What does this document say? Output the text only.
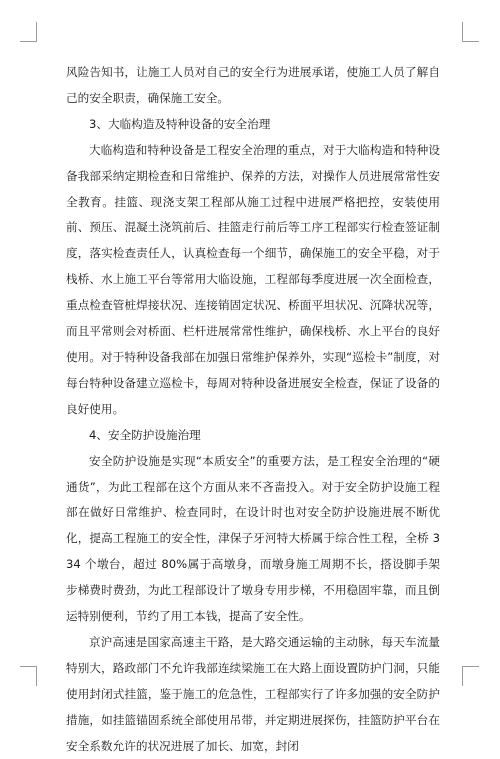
风险告知书，让施工人员对自己的安全行为进展承诺，使施工人员了解自己的安全职责，确保施工安全。

3、大临构造及特种设备的安全治理

大临构造和特种设备是工程安全治理的重点，对于大临构造和特种设备我部采纳定期检查和日常维护、保养的方法，对操作人员进展常常性安全教育。挂篮、现浇支架工程部从施工过程中进展严格把控，安装使用前、预压、混凝土浇筑前后、挂篮走行前后等工序工程部实行检查签证制度，落实检查责任人，认真检查每一个细节，确保施工的安全平稳，对于栈桥、水上施工平台等常用大临设施，工程部每季度进展一次全面检查，重点检查管桩焊接状况、连接销固定状况、桥面平坦状况、沉降状况等，而且平常则会对桥面、栏杆进展常常性维护，确保栈桥、水上平台的良好使用。对于特种设备我部在加强日常维护保养外，实现“巡检卡”制度，对每台特种设备建立巡检卡，每周对特种设备进展安全检查，保证了设备的良好使用。

4、安全防护设施治理

安全防护设施是实现“本质安全”的重要方法，是工程安全治理的“硬通货”，为此工程部在这个方面从来不吝啬投入。对于安全防护设施工程部在做好日常维护、检查同时，在设计时也对安全防护设施进展不断优化，提高工程施工的安全性，津保子牙河特大桥属于综合性工程，全桥 334 个墩台，超过 80%属于高墩身，而墩身施工周期不长，搭设脚手架步梯费时费劲，为此工程部设计了墩身专用步梯，不用稳固牢靠，而且倒运特别便利，节约了用工本钱，提高了安全性。

京沪高速是国家高速主干路，是大路交通运输的主动脉，每天车流量特别大，路政部门不允许我部连续梁施工在大路上面设置防护门洞，只能使用封闭式挂篮，鉴于施工的危急性，工程部实行了许多加强的安全防护措施，如挂篮锚固系统全部使用吊带，并定期进展探伤，挂篮防护平台在安全系数允许的状况进展了加长、加宽，封闭
